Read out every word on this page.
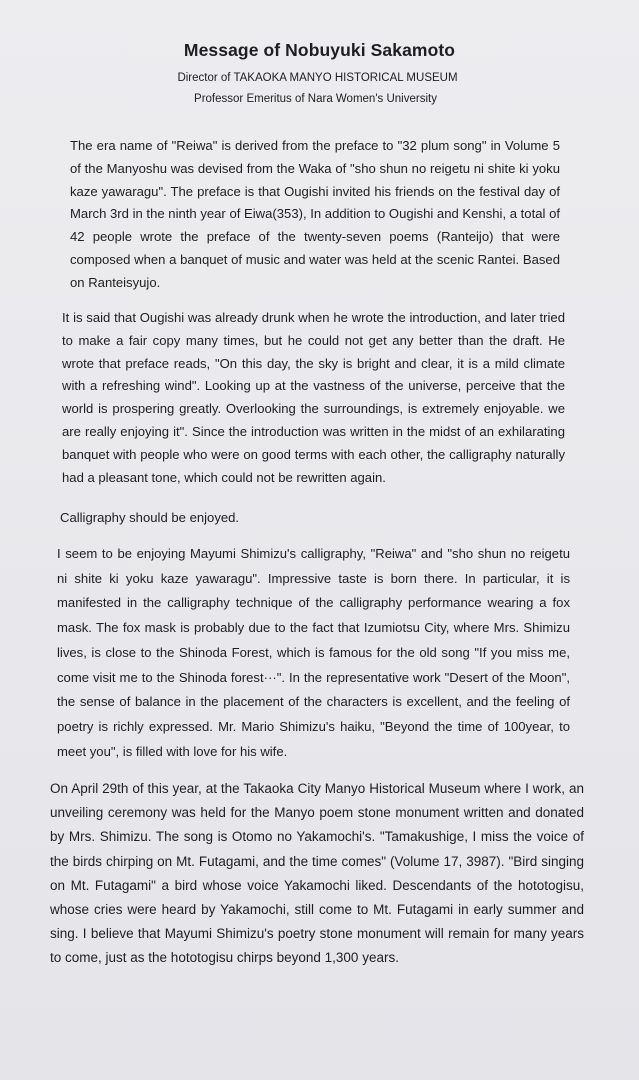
Message of Nobuyuki Sakamoto

Director of TAKAOKA MANYO HISTORICAL MUSEUM

Professor Emeritus of Nara Women's University

The era name of "Reiwa" is derived from the preface to "32 plum song" in Volume 5 of the Manyoshu was devised from the Waka of "sho shun no reigetu ni shite ki yoku kaze yawaragu". The preface is that Ougishi invited his friends on the festival day of March 3rd in the ninth year of Eiwa(353), In addition to Ougishi and Kenshi, a total of 42 people wrote the preface of the twenty-seven poems (Ranteijo) that were composed when a banquet of music and water was held at the scenic Rantei. Based on Ranteisyujo.

It is said that Ougishi was already drunk when he wrote the introduction, and later tried to make a fair copy many times, but he could not get any better than the draft. He wrote that preface reads, "On this day, the sky is bright and clear, it is a mild climate with a refreshing wind". Looking up at the vastness of the universe, perceive that the world is prospering greatly. Overlooking the surroundings, is extremely enjoyable. we are really enjoying it". Since the introduction was written in the midst of an exhilarating banquet with people who were on good terms with each other, the calligraphy naturally had a pleasant tone, which could not be rewritten again.

Calligraphy should be enjoyed.

I seem to be enjoying Mayumi Shimizu's calligraphy, "Reiwa" and "sho shun no reigetu ni shite ki yoku kaze yawaragu". Impressive taste is born there. In particular, it is manifested in the calligraphy technique of the calligraphy performance wearing a fox mask. The fox mask is probably due to the fact that Izumiotsu City, where Mrs. Shimizu lives, is close to the Shinoda Forest, which is famous for the old song "If you miss me, come visit me to the Shinoda forest···". In the representative work "Desert of the Moon", the sense of balance in the placement of the characters is excellent, and the feeling of poetry is richly expressed. Mr. Mario Shimizu's haiku, "Beyond the time of 100year, to meet you", is filled with love for his wife.

On April 29th of this year, at the Takaoka City Manyo Historical Museum where I work, an unveiling ceremony was held for the Manyo poem stone monument written and donated by Mrs. Shimizu. The song is Otomo no Yakamochi's. "Tamakushige, I miss the voice of the birds chirping on Mt. Futagami, and the time comes" (Volume 17, 3987). "Bird singing on Mt. Futagami" a bird whose voice Yakamochi liked. Descendants of the hototogisu, whose cries were heard by Yakamochi, still come to Mt. Futagami in early summer and sing. I believe that Mayumi Shimizu's poetry stone monument will remain for many years to come, just as the hototogisu chirps beyond 1,300 years.
